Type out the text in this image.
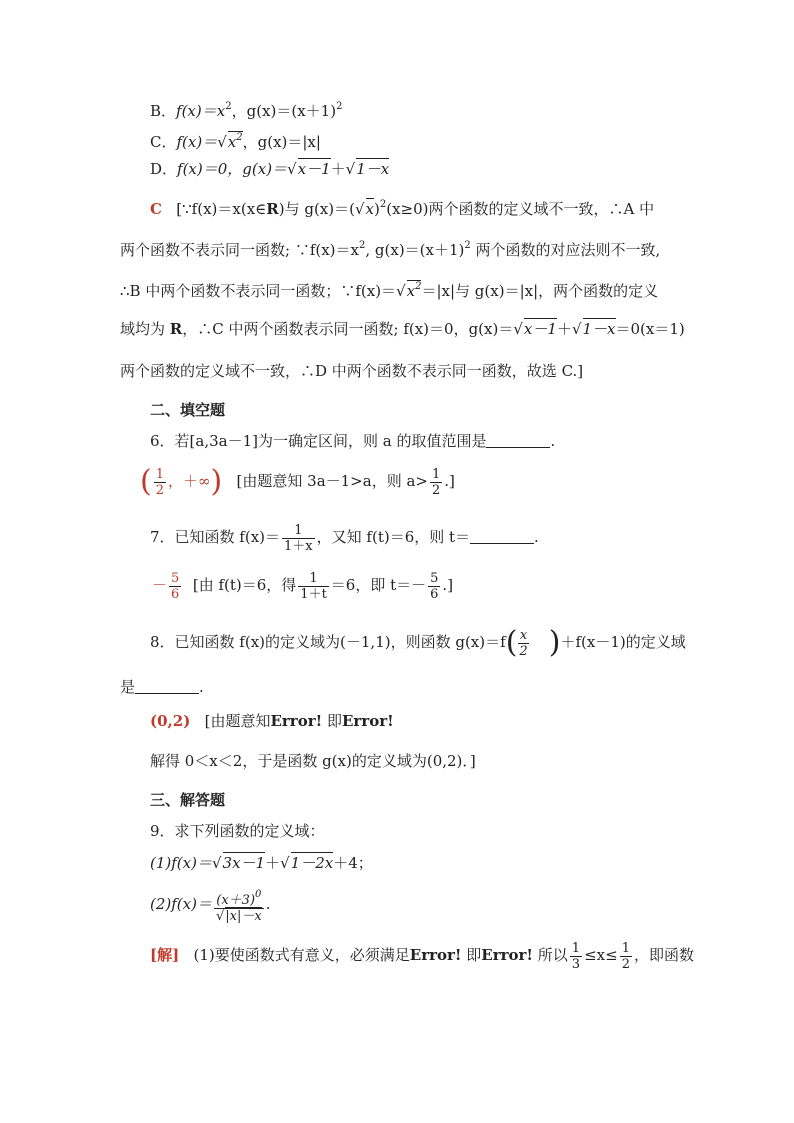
B．$f(x)=x^2$，$g(x)=(x+1)^2$
C．$f(x)=√x^2$，g(x)＝|x|
D．f(x)＝0，g(x)＝√x－1＋√1－x
C [∵f(x)＝x(x∈R)与 $g(x)=(√x)^2(x\ge 0)$两个函数的定义域不一致，∴A 中
两个函数不表示同一函数; $\because f(x)=x^2$, $g(x)=(x+1)^2$ 两个函数的对应法则不一致,
∴B 中两个函数不表示同一函数；$\because f(x)=√x^2=|x|$与 g(x)＝|x|，两个函数的定义
域均为 R，∴C 中两个函数表示同一函数; f(x)＝0，g(x)＝√x－1＋√1－x＝0(x＝1)
两个函数的定义域不一致，∴D 中两个函数不表示同一函数，故选 C.]
二、填空题
6．若[a,3a－1]为一确定区间，则 a 的取值范围是	.
( $\frac{1}{2}$ ，＋∞) [由题意知 3a－1>a，则 $a> \frac{1}{2}$ .]
7．已知函数 $f(x)= \frac{1}{1+x}$ ，又知 f(t)＝6，则 t＝	.
－ $\frac{5}{6}$ [由 f(t)＝6，得 $\frac{1}{1+t} =6$，即 $t=- \frac{5}{6}$ .]
8．已知函数 f(x)的定义域为(－1,1)，则函数 $g(x)=f( \frac{x}{2} )+f(x-1)$的定义域
是	.
(0,2) [由题意知Error! 即Error!
解得 0＜x＜2，于是函数 g(x)的定义域为(0,2)．]
三、解答题
9．求下列函数的定义域：
(1)f(x)＝√3x－1＋√1－2x＋4；
$(2)f(x)= \frac{(x+3)^0}{√|x|-x}$ .
[解] (1)要使函数式有意义，必须满足Error! 即Error! 所以 $\frac{1}{3} \le x\le \frac{1}{2}$ ，即函数
